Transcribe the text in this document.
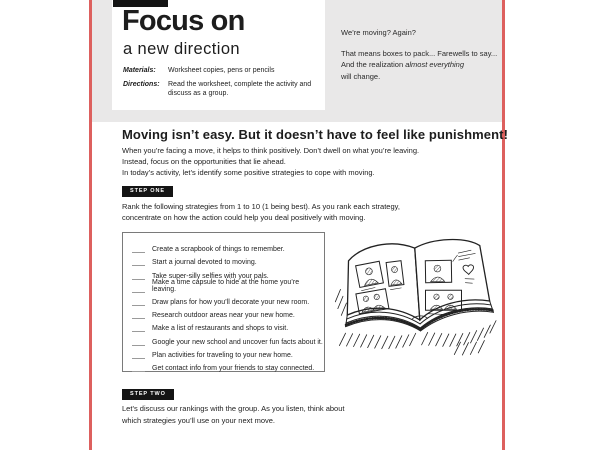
Focus on
a new direction
Materials:	Worksheet copies, pens or pencils
Directions:	Read the worksheet, complete the activity and discuss as a group.
We’re moving? Again?
That means boxes to pack... Farewells to say...
And the realization almost everything
will change.
Moving isn’t easy. But it doesn’t have to feel like punishment!
When you’re facing a move, it helps to think positively. Don’t dwell on what you’re leaving.
Instead, focus on the opportunities that lie ahead.
In today’s activity, let’s identify some positive strategies to cope with moving.
STEP ONE
Rank the following strategies from 1 to 10 (1 being best). As you rank each strategy,
concentrate on how the action could help you deal positively with moving.
Create a scrapbook of things to remember.
Start a journal devoted to moving.
Take super-silly selfies with your pals.
Make a time capsule to hide at the home you’re leaving.
Draw plans for how you’ll decorate your new room.
Research outdoor areas near your new home.
Make a list of restaurants and shops to visit.
Google your new school and uncover fun facts about it.
Plan activities for traveling to your new home.
Get contact info from your friends to stay connected.
STEP TWO
Let’s discuss our rankings with the group. As you listen, think about
which strategies you’ll use on your next move.
